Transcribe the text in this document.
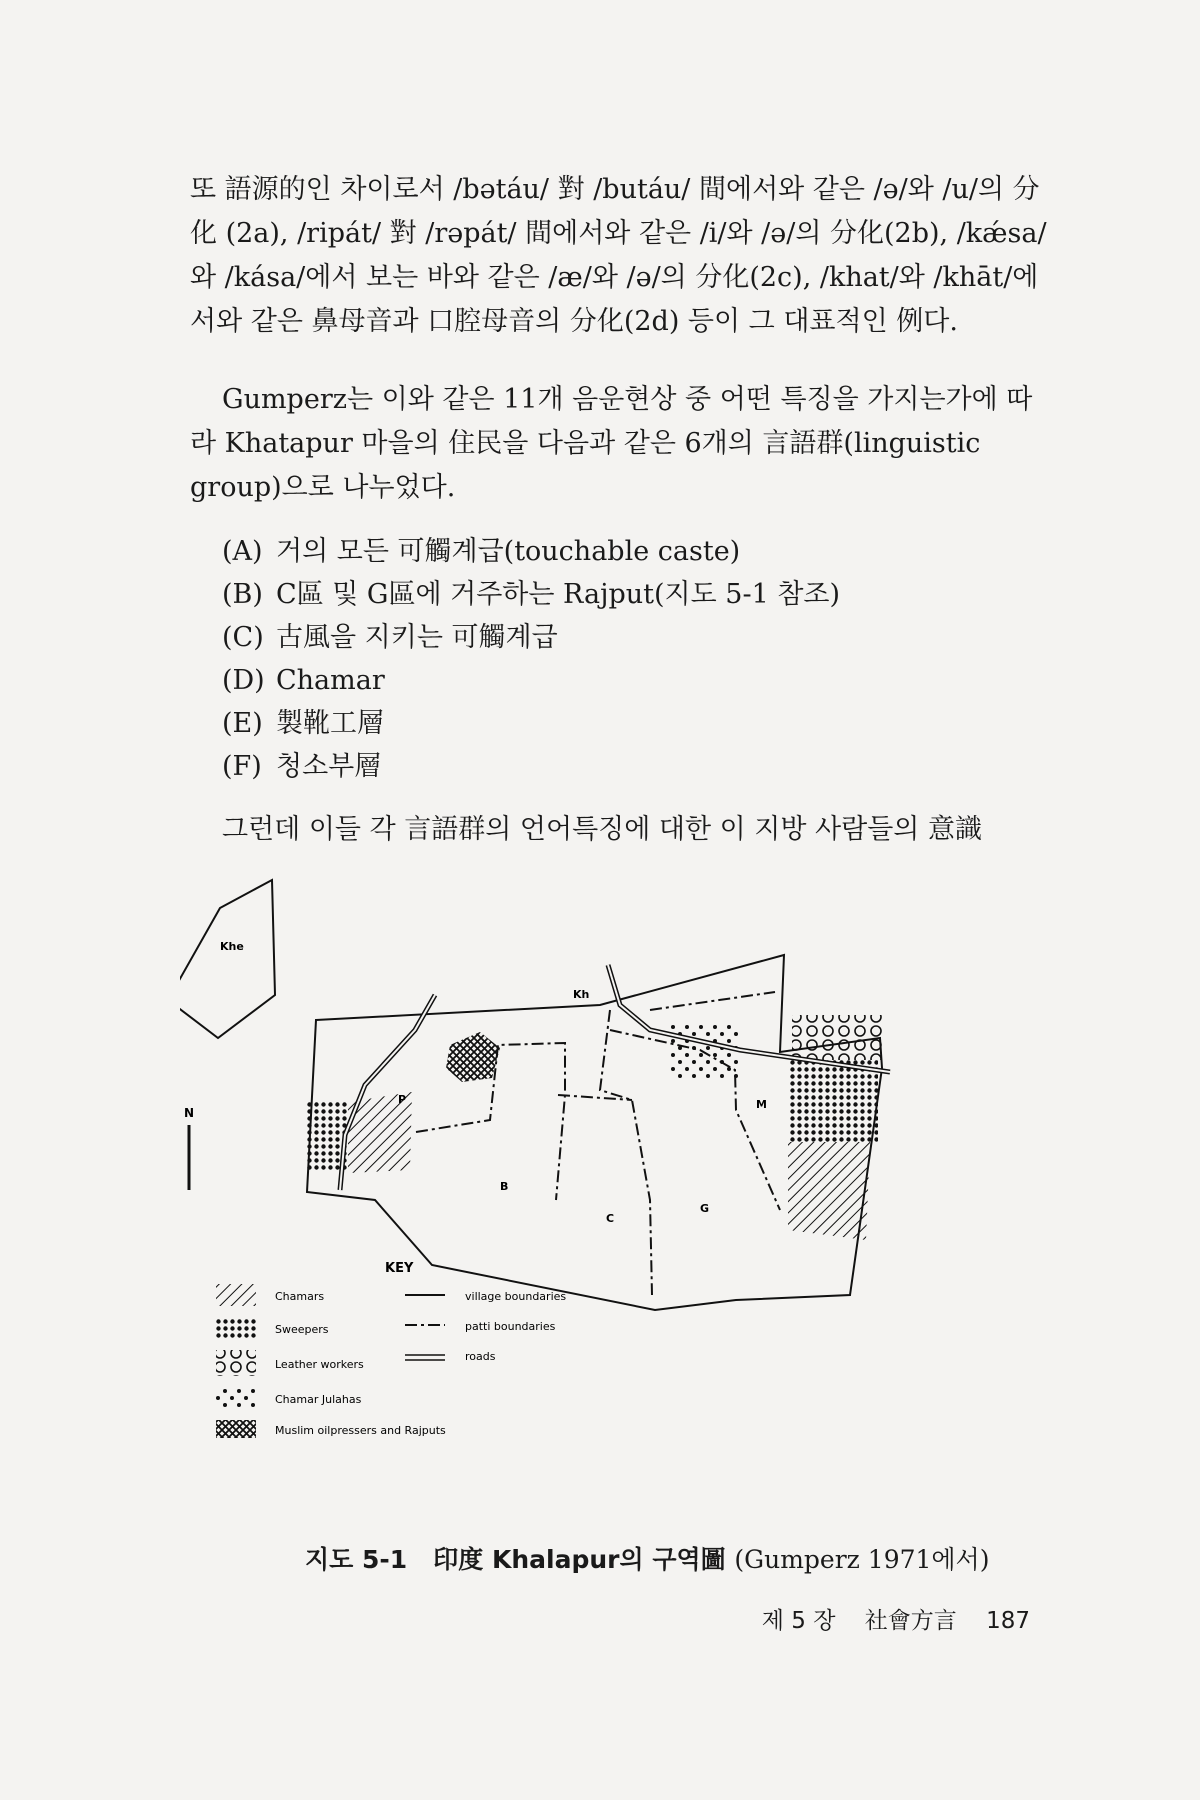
또 語源的인 차이로서 /bətáu/ 對 /butáu/ 間에서와 같은 /ə/와 /u/의 分化 (2a), /ripát/ 對 /rəpát/ 間에서와 같은 /i/와 /ə/의 分化(2b), /kǽsa/와 /kása/에서 보는 바와 같은 /æ/와 /ə/의 分化(2c), /khat/와 /khāt/에서와 같은 鼻母音과 口腔母音의 分化(2d) 등이 그 대표적인 例다.

Gumperz는 이와 같은 11개 음운현상 중 어떤 특징을 가지는가에 따라 Khatapur 마을의 住民을 다음과 같은 6개의 言語群(linguistic group)으로 나누었다.

(A) 거의 모든 可觸계급(touchable caste)
(B) C區 및 G區에 거주하는 Rajput(지도 5-1 참조)
(C) 古風을 지키는 可觸계급
(D) Chamar
(E) 製靴工層
(F) 청소부層

그런데 이들 각 言語群의 언어특징에 대한 이 지방 사람들의 意識

Khe
N
P
Kh
M
B
C
G
KEY
Chamars
Sweepers
Leather workers
Chamar Julahas
Muslim oilpressers and Rajputs
village boundaries
patti boundaries
roads
지도 5-1 印度 Khalapur의 구역圖 (Gumperz 1971에서)
제 5 장 社會方言 187
